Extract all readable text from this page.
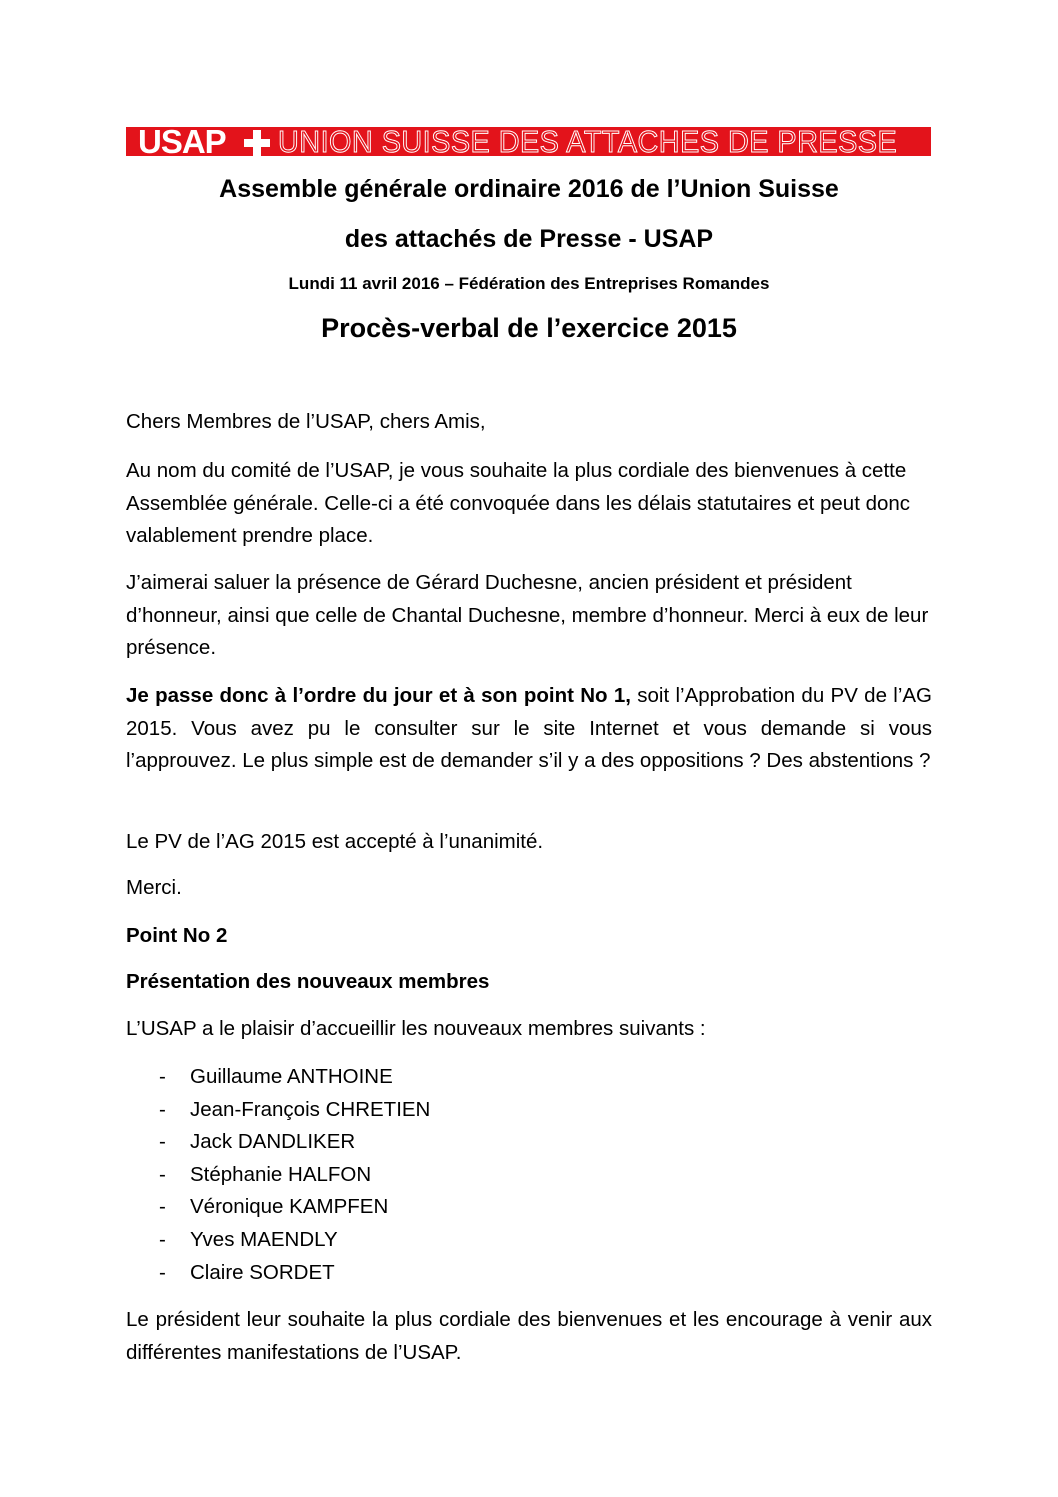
USAP UNION SUISSE DES ATTACHES DE PRESSE
Assemble générale ordinaire 2016 de l’Union Suisse
des attachés de Presse - USAP
Lundi 11 avril 2016 – Fédération des Entreprises Romandes
Procès-verbal de l’exercice 2015
Chers Membres de l’USAP, chers Amis,
Au nom du comité de l’USAP, je vous souhaite la plus cordiale des bienvenues à cette Assemblée générale. Celle-ci a été convoquée dans les délais statutaires et peut donc valablement prendre place.
J’aimerai saluer la présence de Gérard Duchesne, ancien président et président d’honneur, ainsi que celle de Chantal Duchesne, membre d’honneur. Merci à eux de leur présence.
Je passe donc à l’ordre du jour et à son point No 1, soit l’Approbation du PV de l’AG 2015. Vous avez pu le consulter sur le site Internet et vous demande si vous l’approuvez. Le plus simple est de demander s’il y a des oppositions ? Des abstentions ?
Le PV de l’AG 2015 est accepté à l’unanimité.
Merci.
Point No 2
Présentation des nouveaux membres
L’USAP a le plaisir d’accueillir les nouveaux membres suivants :
- Guillaume ANTHOINE
- Jean-François CHRETIEN
- Jack DANDLIKER
- Stéphanie HALFON
- Véronique KAMPFEN
- Yves MAENDLY
- Claire SORDET
Le président leur souhaite la plus cordiale des bienvenues et les encourage à venir aux différentes manifestations de l’USAP.
